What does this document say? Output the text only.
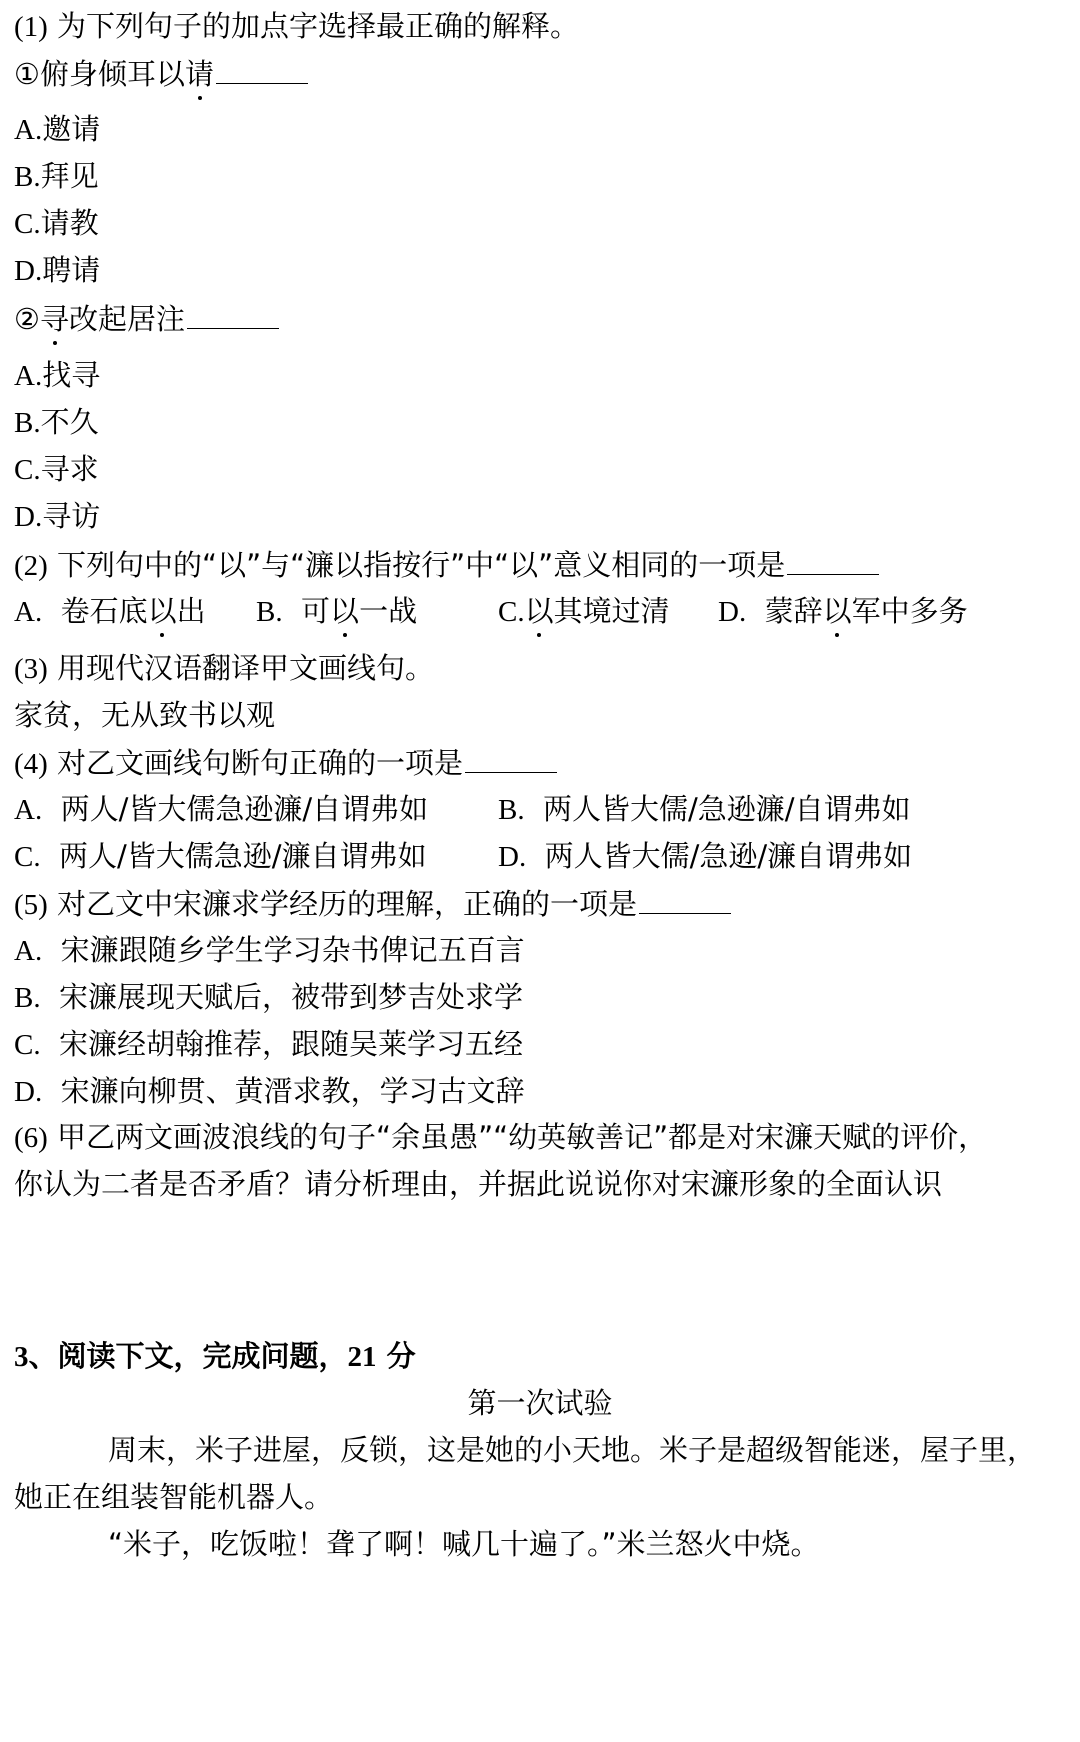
(1) 为下列句子的加点字选择最正确的解释。
①俯身倾耳以请
A.邀请
B.拜见
C.请教
D.聘请
②寻改起居注
A.找寻
B.不久
C.寻求
D.寻访
(2) 下列句中的“以”与“濂以指按行”中“以”意义相同的一项是
A. 卷石底以出 B. 可以一战	C.以其境过清 D. 蒙辞以军中多务
(3) 用现代汉语翻译甲文画线句。
家贫，无从致书以观
(4) 对乙文画线句断句正确的一项是
A. 两人/皆大儒急逊濂/自谓弗如 B. 两人皆大儒/急逊濂/自谓弗如
C. 两人/皆大儒急逊/濂自谓弗如 D. 两人皆大儒/急逊/濂自谓弗如
(5) 对乙文中宋濂求学经历的理解，正确的一项是
A. 宋濂跟随乡学生学习杂书俾记五百言
B. 宋濂展现天赋后，被带到梦吉处求学
C. 宋濂经胡翰推荐，跟随吴莱学习五经
D. 宋濂向柳贯、黄溍求教，学习古文辞
(6) 甲乙两文画波浪线的句子“余虽愚”“幼英敏善记”都是对宋濂天赋的评价，
你认为二者是否矛盾？请分析理由，并据此说说你对宋濂形象的全面认识
3、阅读下文，完成问题，21 分
第一次试验
周末，米子进屋，反锁，这是她的小天地。米子是超级智能迷，屋子里，
她正在组装智能机器人。
“米子，吃饭啦！聋了啊！喊几十遍了。”米兰怒火中烧。
